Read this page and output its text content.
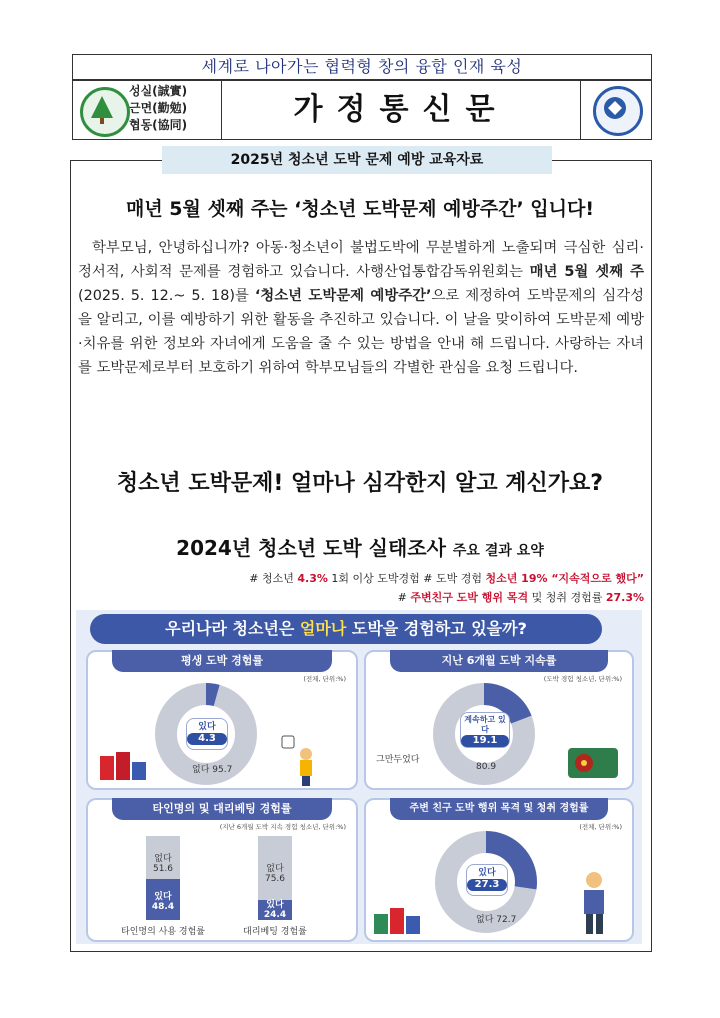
세계로 나아가는 협력형 창의 융합 인재 육성
성실(誠實)
근면(勤勉)
협동(協同)	가정통신문
2025년 청소년 도박 문제 예방 교육자료
매년 5월 셋째 주는 ‘청소년 도박문제 예방주간’ 입니다!

학부모님, 안녕하십니까? 아동·청소년이 불법도박에 무분별하게 노출되며 극심한 심리·정서적, 사회적 문제를 경험하고 있습니다. 사행산업통합감독위원회는 매년 5월 셋째 주(2025. 5. 12.~ 5. 18)를 ‘청소년 도박문제 예방주간’으로 제정하여 도박문제의 심각성을 알리고, 이를 예방하기 위한 활동을 추진하고 있습니다. 이 날을 맞이하여 도박문제 예방·치유를 위한 정보와 자녀에게 도움을 줄 수 있는 방법을 안내 해 드립니다. 사랑하는 자녀를 도박문제로부터 보호하기 위하여 학부모님들의 각별한 관심을 요청 드립니다.

청소년 도박문제! 얼마나 심각한지 알고 계신가요?
2024년 청소년 도박 실태조사 주요 결과 요약
# 청소년 4.3% 1회 이상 도박경험 # 도박 경험 청소년 19% “지속적으로 했다”
# 주변친구 도박 행위 목격 및 청취 경험률 27.3%
우리나라 청소년은 얼마나 도박을 경험하고 있을까?
평생 도박 경험률
(전체, 단위:%)
있다
4.3
없다 95.7
지난 6개월 도박 지속률
(도박 경험 청소년, 단위:%)
계속하고 있다
19.1
그만두었다
80.9
타인명의 및 대리베팅 경험률
(지난 6개월 도박 지속 경험 청소년, 단위:%)
없다
51.6
있다
48.4
없다
75.6
있다
24.4
타인명의 사용 경험률	대리베팅 경험률
주변 친구 도박 행위 목격 및 청취 경험률
(전체, 단위:%)
있다
27.3
없다 72.7
